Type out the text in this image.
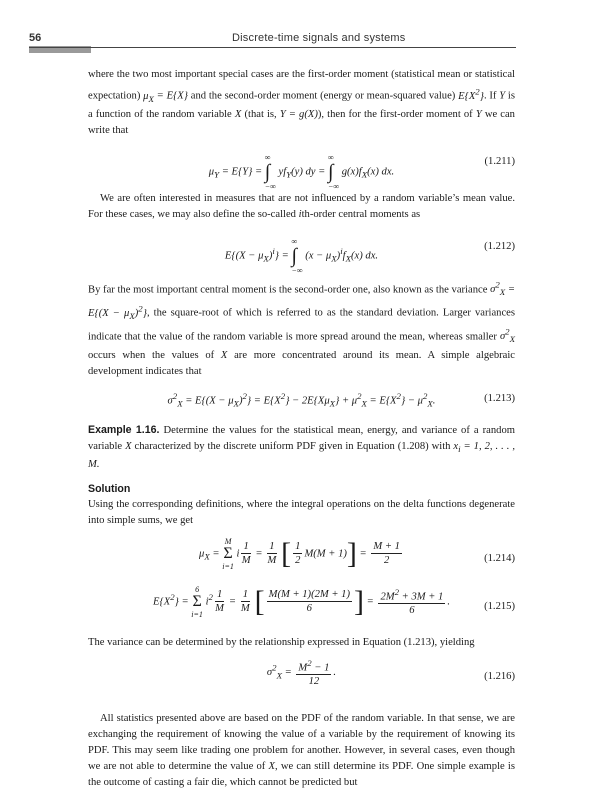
56	Discrete-time signals and systems

where the two most important special cases are the first-order moment (statistical mean or statistical expectation) $\mu_X = E\{X\}$ and the second-order moment (energy or mean-squared value) $E\{X^2\}$. If Y is a function of the random variable X (that is, Y = g(X)), then for the first-order moment of Y we can write that

$\mu_Y = E\{Y\}$ = ∞
∫
−∞ $yf_Y(y)$ dy = ∞
∫
−∞ $g(x)f_X(x)$ dx.
(1.211)

We are often interested in measures that are not influenced by a random variable’s mean value. For these cases, we may also define the so-called ith-order central moments as

$E\{(X - \mu_X)^i\}$ = ∞
∫
−∞ $(x - \mu_X)^if_X(x)$ dx.
(1.212)

By far the most important central moment is the second-order one, also known as the variance $\sigma^2_X = E\{(X - \mu_X)^2\}$, the square-root of which is referred to as the standard deviation. Larger variances indicate that the value of the random variable is more spread around the mean, whereas smaller $\sigma^2_X$ occurs when the values of X are more concentrated around its mean. A simple algebraic development indicates that

$\sigma^2_X = E\{(X - \mu_X)^2\} = E\{X^2\} - 2E\{X\mu_X\} + \mu^2_X = E\{X^2\} - \mu^2_X$.	(1.213)

Example 1.16. Determine the values for the statistical mean, energy, and variance of a random variable X characterized by the discrete uniform PDF given in Equation (1.208) with $x_i = 1$, 2, . . . , M.

Solution

Using the corresponding definitions, where the integral operations on the delta functions degenerate into simple sums, we get

$\mu_X = M$
Σ
i=1 i $\frac{1}{M} = \frac{1}{M}$ [ $\frac{1}{2} M(M + 1)] = \frac{M + 1}{2}$	(1.214)
$E\{X^2\} = 6$
Σ
i=1 $i^2 \frac{1}{M} = \frac{1}{M}$ [ $\frac{M(M + 1)(2M + 1)}{6}$ ] = $\frac{2M^2 + 3M + 1}{6}$ .	(1.215)

The variance can be determined by the relationship expressed in Equation (1.213), yielding

$\sigma^2_X = \frac{M^2 - 1}{12}$ .	(1.216)

All statistics presented above are based on the PDF of the random variable. In that sense, we are exchanging the requirement of knowing the value of a variable by the requirement of knowing its PDF. This may seem like trading one problem for another. However, in several cases, even though we are not able to determine the value of X, we can still determine its PDF. One simple example is the outcome of casting a fair die, which cannot be predicted but
